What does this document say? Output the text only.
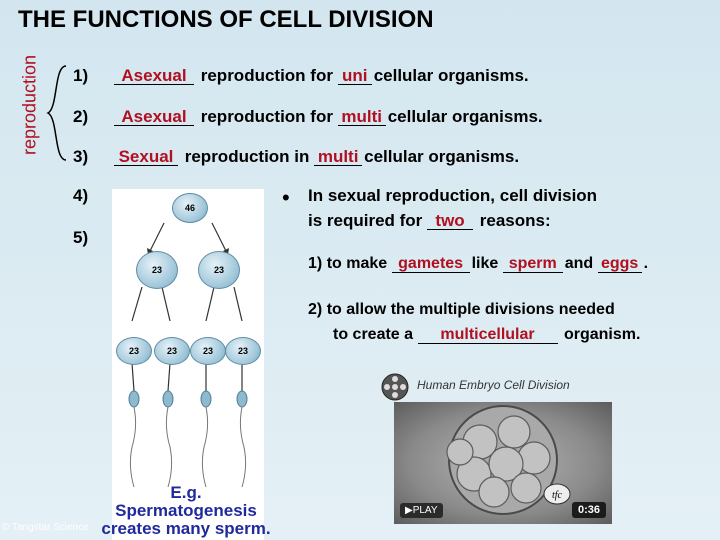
THE FUNCTIONS OF CELL DIVISION
reproduction 1)
2)
3)
4)
5)
Asexual reproduction for uni cellular organisms.
Asexual reproduction for multi cellular organisms.
Sexual reproduction in multi cellular organisms.
46
23	23
23	23	23	23
• In sexual reproduction, cell division
is required for two reasons:
1) to make gametes like sperm and eggs .
2) to allow the multiple divisions needed
to create a multicellular organism.
Human Embryo Cell Division
tfc
▶PLAY	0:36
E.g.
Spermatogenesis
creates many sperm.
© Tangstar Science
